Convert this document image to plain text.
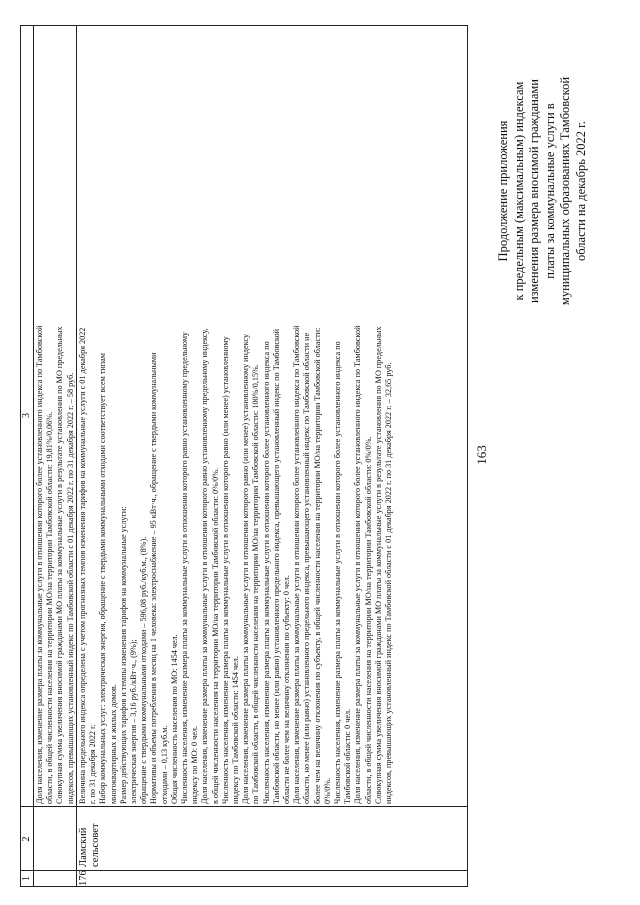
1
2
3 Доля населения, изменение размера платы за коммунальные услуги в отношении которого более установленного индекса по Тамбовской области, в общей численности населения на территории МО/на территории Тамбовской области: 19,81%/0,06%. Совокупная сумма увеличения вносимой гражданами МО платы за коммунальные услуги в результате установления по МО предельных индексов, превышающих установленный индекс по Тамбовской области с 01 декабря 2022 г. по 31 декабря 2022 г. – 58 руб.

176
Ламский сельсовет

Величина предельного индекса определена с учетом прогнозных темпов изменения тарифов на коммунальные услуги с 01 декабря 2022 г. по 31 декабря 2022 г. Набор коммунальных услуг: электрическая энергия, обращение с твердыми коммунальными отходами соответствует всем типам многоквартирных и жилых домов. Размер действующих тарифов и темпы изменения тарифов на коммунальные услуги: электрическая энергия – 3,16 руб./кВт·ч., (9%); обращение с твердыми коммунальными отходами – 596,08 руб./куб.м., (8%). Нормативы и объемы потребления в месяц на 1 человека: электроснабжение – 95 кВт·ч., обращение с твердыми коммунальными отходами – 0,13 куб.м. Общая численность населения по МО: 1454 чел. Численность населения, изменение размера платы за коммунальные услуги в отношении которого равно установленному предельному индексу по МО: 0 чел. Доля населения, изменение размера платы за коммунальные услуги в отношении которого равно установленному предельному индексу, в общей численности населения на территории МО/на территории Тамбовской области: 0%/0%. Численность населения, изменение размера платы за коммунальные услуги в отношении которого равно (или менее) установленному индексу по Тамбовской области: 1454 чел. Доля населения, изменение размера платы за коммунальные услуги в отношении которого равно (или менее) установленному индексу по Тамбовской области, в общей численности населения на территории МО/на территории Тамбовской области: 100%/0,15%. Численность населения, изменение размера платы за коммунальные услуги в отношении которого более установленного индекса по Тамбовской области, но менее (или равно) установленного предельного индекса, превышающего установленный индекс по Тамбовской области не более чем на величину отклонения по субъекту: 0 чел. Доля населения, изменение размера платы за коммунальные услуги в отношении которого более установленного индекса по Тамбовской области, но менее (или равно) установленного предельного индекса, превышающего установленный индекс по Тамбовской области не более чем на величину отклонения по субъекту, в общей численности населения на территории МО/на территории Тамбовской области: 0%/0%. Численность населения, изменение размера платы за коммунальные услуги в отношении которого более установленного индекса по Тамбовской области: 0 чел. Доля населения, изменение размера платы за коммунальные услуги в отношении которого более установленного индекса по Тамбовской области, в общей численности населения на территории МО/на территории Тамбовской области: 0%/0%. Совокупная сумма увеличения вносимой гражданами МО платы за коммунальные услуги в результате установления по МО предельных индексов, превышающих установленный индекс по Тамбовской области с 01 декабря 2022 г. по 31 декабря 2022 г. – 32,65 руб.	163
Продолжение приложения к предельным (максимальным) индексам изменения размера вносимой гражданами платы за коммунальные услуги в муниципальных образованиях Тамбовской области на декабрь 2022 г.
